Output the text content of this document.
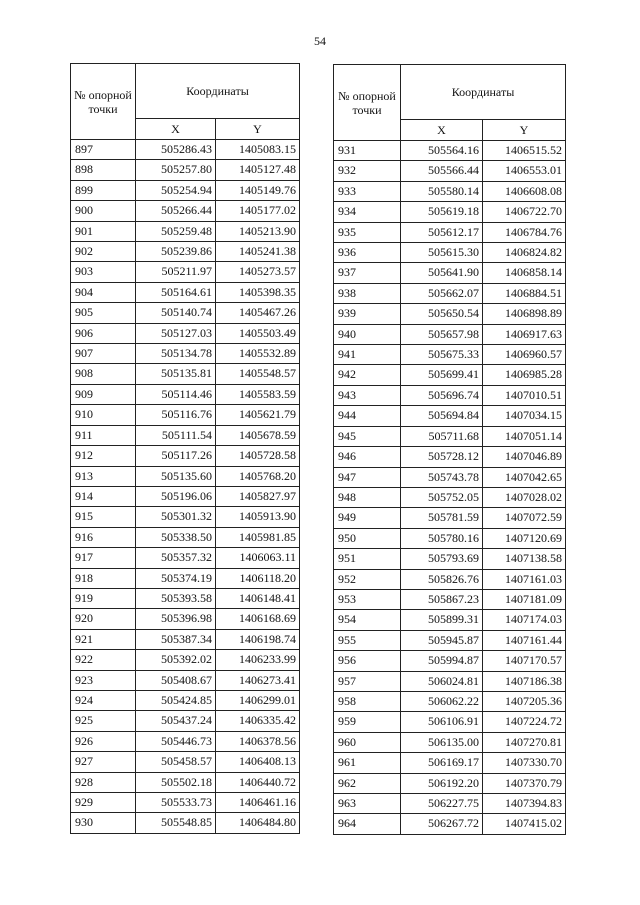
54
№ опорной точки	Координаты	
	X	Y
897	505286.43	1405083.15
898	505257.80	1405127.48
899	505254.94	1405149.76
900	505266.44	1405177.02
901	505259.48	1405213.90
902	505239.86	1405241.38
903	505211.97	1405273.57
904	505164.61	1405398.35
905	505140.74	1405467.26
906	505127.03	1405503.49
907	505134.78	1405532.89
908	505135.81	1405548.57
909	505114.46	1405583.59
910	505116.76	1405621.79
911	505111.54	1405678.59
912	505117.26	1405728.58
913	505135.60	1405768.20
914	505196.06	1405827.97
915	505301.32	1405913.90
916	505338.50	1405981.85
917	505357.32	1406063.11
918	505374.19	1406118.20
919	505393.58	1406148.41
920	505396.98	1406168.69
921	505387.34	1406198.74
922	505392.02	1406233.99
923	505408.67	1406273.41
924	505424.85	1406299.01
925	505437.24	1406335.42
926	505446.73	1406378.56
927	505458.57	1406408.13
928	505502.18	1406440.72
929	505533.73	1406461.16
930	505548.85	1406484.80
№ опорной точки	Координаты	
	X	Y
931	505564.16	1406515.52
932	505566.44	1406553.01
933	505580.14	1406608.08
934	505619.18	1406722.70
935	505612.17	1406784.76
936	505615.30	1406824.82
937	505641.90	1406858.14
938	505662.07	1406884.51
939	505650.54	1406898.89
940	505657.98	1406917.63
941	505675.33	1406960.57
942	505699.41	1406985.28
943	505696.74	1407010.51
944	505694.84	1407034.15
945	505711.68	1407051.14
946	505728.12	1407046.89
947	505743.78	1407042.65
948	505752.05	1407028.02
949	505781.59	1407072.59
950	505780.16	1407120.69
951	505793.69	1407138.58
952	505826.76	1407161.03
953	505867.23	1407181.09
954	505899.31	1407174.03
955	505945.87	1407161.44
956	505994.87	1407170.57
957	506024.81	1407186.38
958	506062.22	1407205.36
959	506106.91	1407224.72
960	506135.00	1407270.81
961	506169.17	1407330.70
962	506192.20	1407370.79
963	506227.75	1407394.83
964	506267.72	1407415.02
